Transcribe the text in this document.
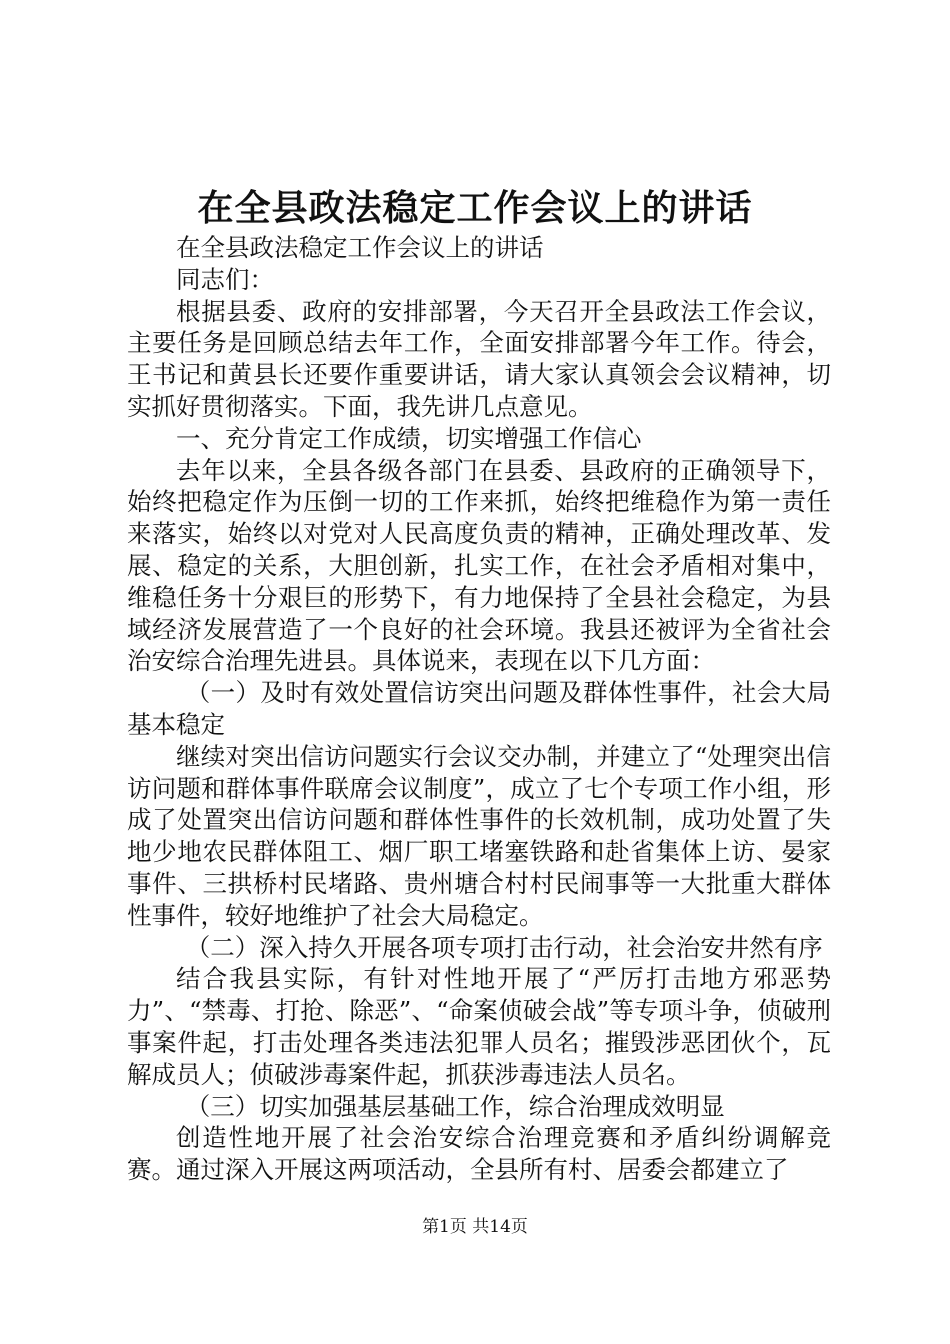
在全县政法稳定工作会议上的讲话

在全县政法稳定工作会议上的讲话

同志们：

根据县委、政府的安排部署，今天召开全县政法工作会议，主要任务是回顾总结去年工作，全面安排部署今年工作。待会，王书记和黄县长还要作重要讲话，请大家认真领会会议精神，切实抓好贯彻落实。下面，我先讲几点意见。

一、充分肯定工作成绩，切实增强工作信心

去年以来，全县各级各部门在县委、县政府的正确领导下，始终把稳定作为压倒一切的工作来抓，始终把维稳作为第一责任来落实，始终以对党对人民高度负责的精神，正确处理改革、发展、稳定的关系，大胆创新，扎实工作，在社会矛盾相对集中，维稳任务十分艰巨的形势下，有力地保持了全县社会稳定，为县域经济发展营造了一个良好的社会环境。我县还被评为全省社会治安综合治理先进县。具体说来，表现在以下几方面：

（一）及时有效处置信访突出问题及群体性事件，社会大局基本稳定

继续对突出信访问题实行会议交办制，并建立了“处理突出信访问题和群体事件联席会议制度”，成立了七个专项工作小组，形成了处置突出信访问题和群体性事件的长效机制，成功处置了失地少地农民群体阻工、烟厂职工堵塞铁路和赴省集体上访、晏家事件、三拱桥村民堵路、贵州塘合村村民闹事等一大批重大群体性事件，较好地维护了社会大局稳定。

（二）深入持久开展各项专项打击行动，社会治安井然有序

结合我县实际，有针对性地开展了“严厉打击地方邪恶势力”、“禁毒、打抢、除恶”、“命案侦破会战”等专项斗争，侦破刑事案件起，打击处理各类违法犯罪人员名；摧毁涉恶团伙个，瓦解成员人；侦破涉毒案件起，抓获涉毒违法人员名。

（三）切实加强基层基础工作，综合治理成效明显

创造性地开展了社会治安综合治理竞赛和矛盾纠纷调解竞赛。通过深入开展这两项活动，全县所有村、居委会都建立了

第1页 共14页
